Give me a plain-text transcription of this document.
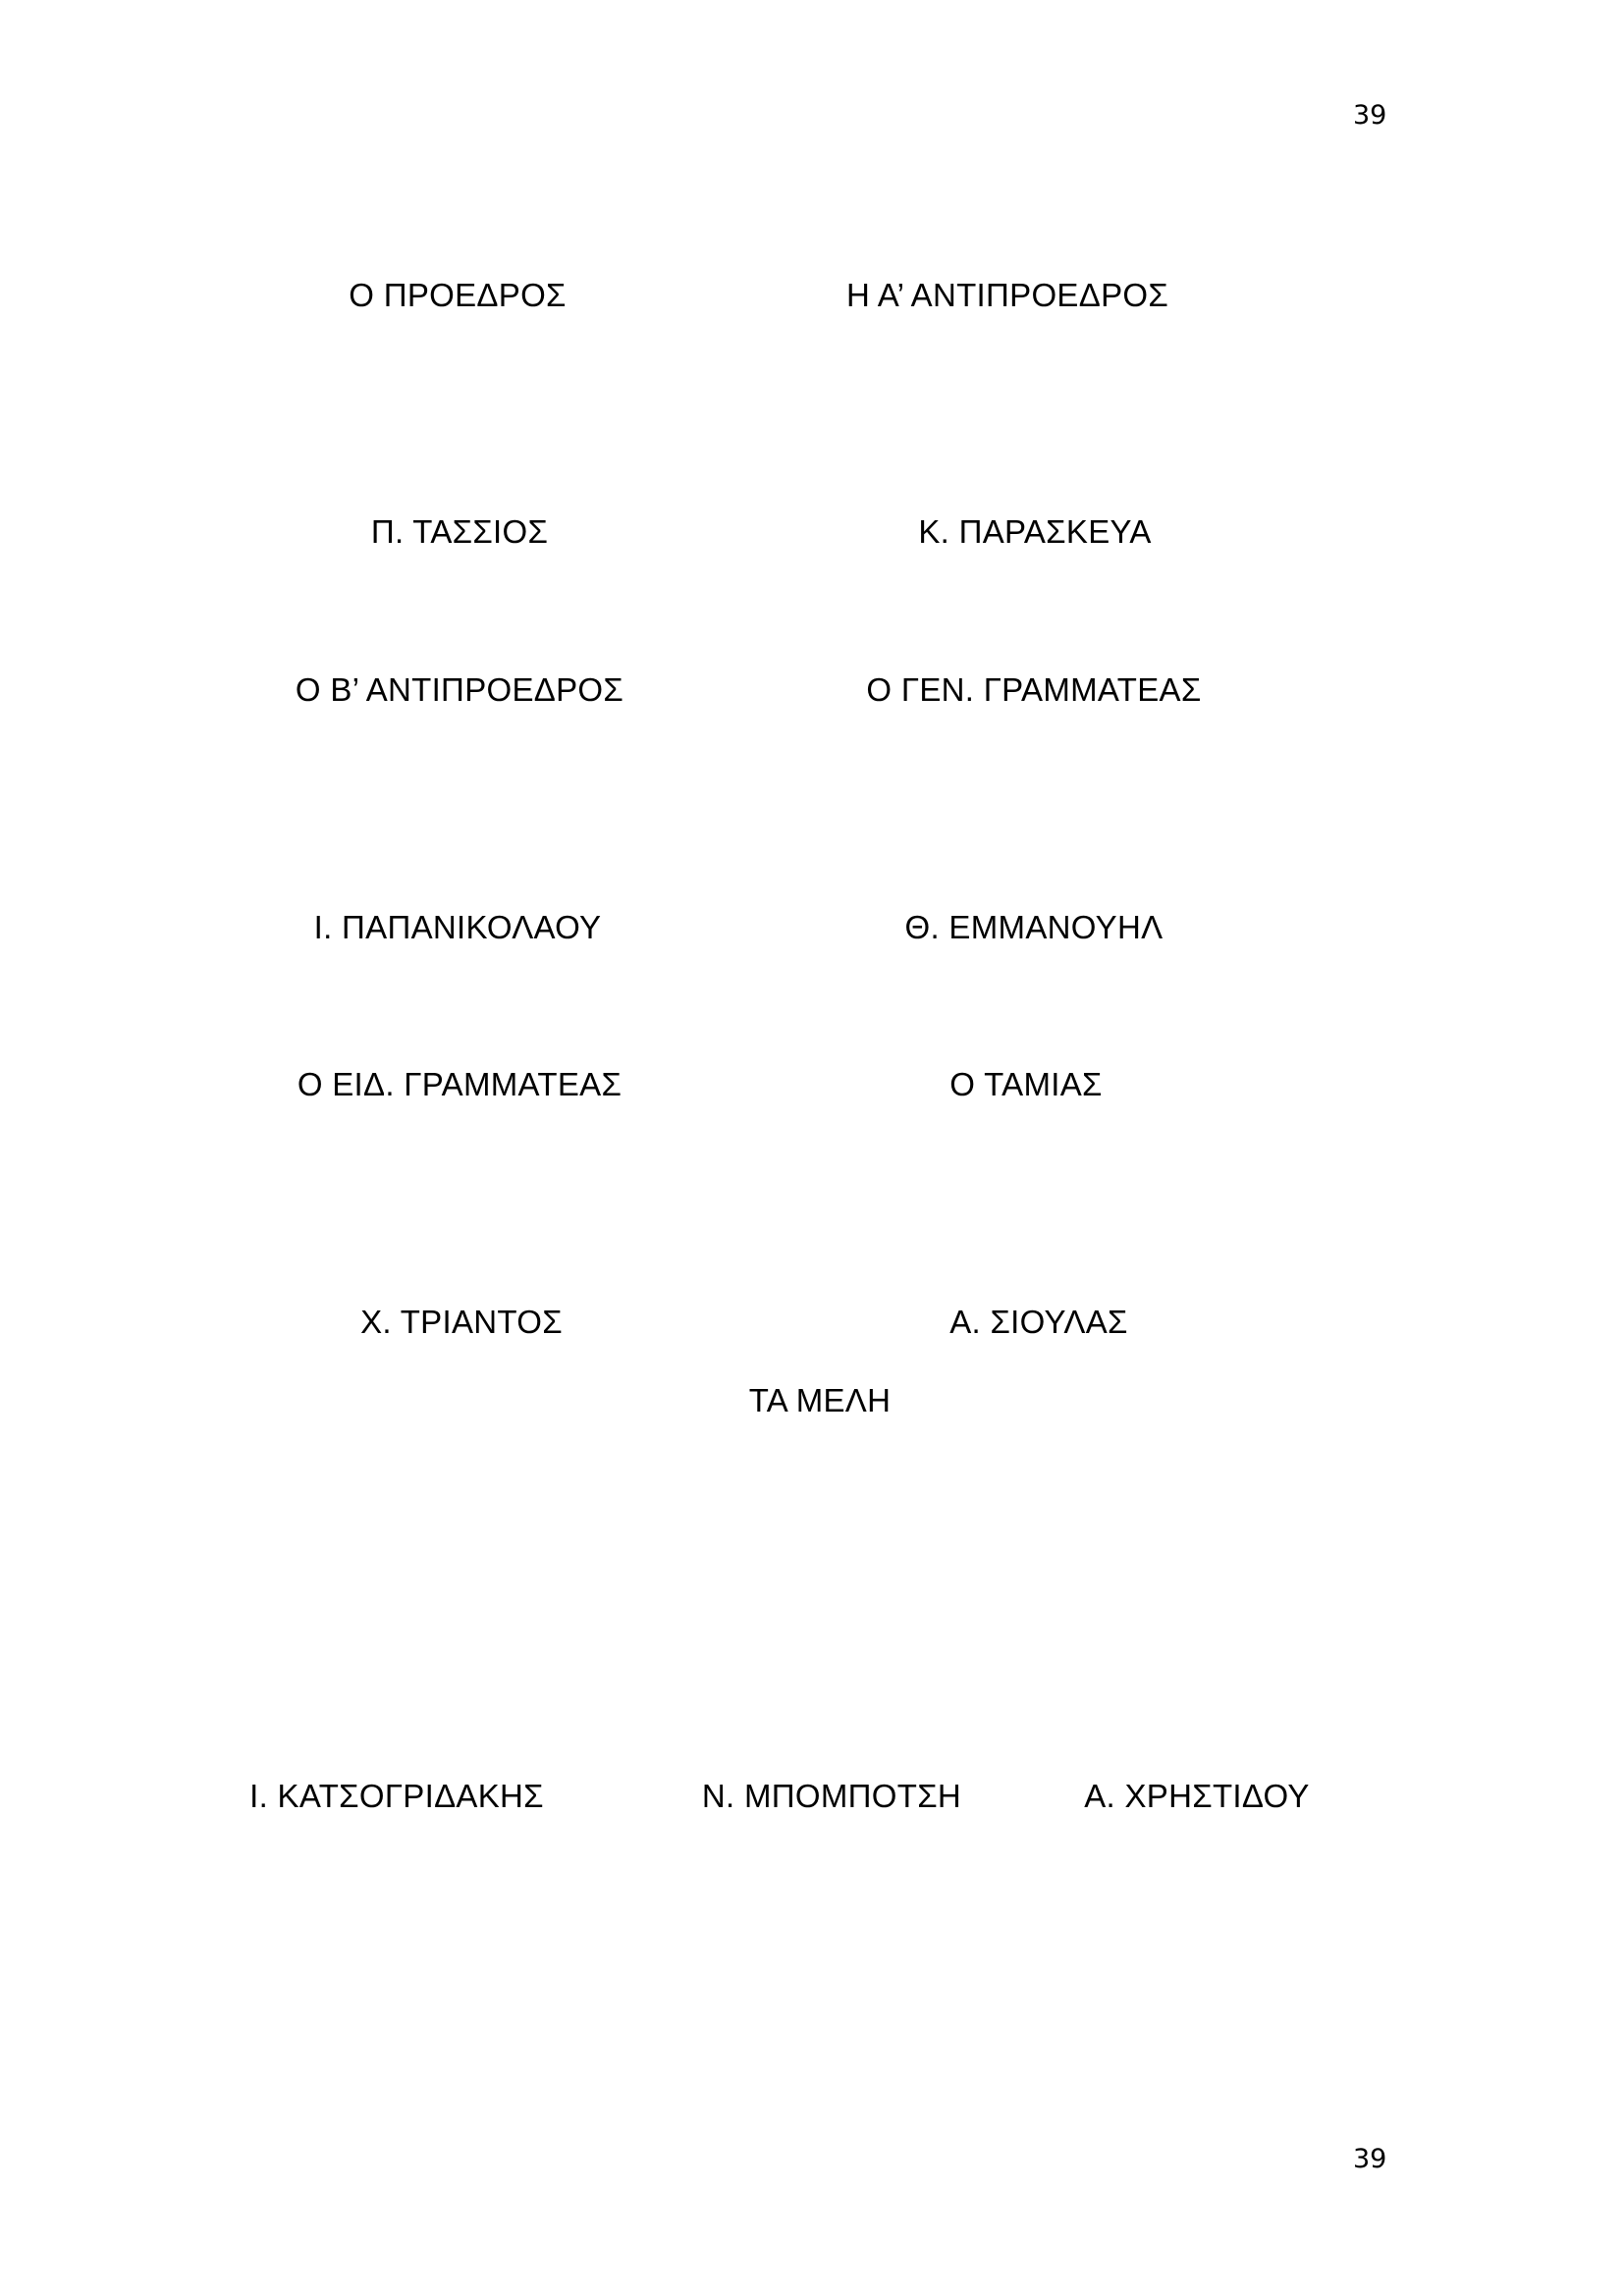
39
Ο ΠΡΟΕΔΡΟΣ	Η Α’ ΑΝΤΙΠΡΟΕΔΡΟΣ
Π. ΤΑΣΣΙΟΣ	Κ. ΠΑΡΑΣΚΕΥΑ
Ο Β’ ΑΝΤΙΠΡΟΕΔΡΟΣ	Ο ΓΕΝ. ΓΡΑΜΜΑΤΕΑΣ
Ι. ΠΑΠΑΝΙΚΟΛΑΟΥ	Θ. ΕΜΜΑΝΟΥΗΛ
Ο ΕΙΔ. ΓΡΑΜΜΑΤΕΑΣ	Ο ΤΑΜΙΑΣ
Χ. ΤΡΙΑΝΤΟΣ	Α. ΣΙΟΥΛΑΣ
ΤΑ ΜΕΛΗ
Ι. ΚΑΤΣΟΓΡΙΔΑΚΗΣ	Ν. ΜΠΟΜΠΟΤΣΗ	Α. ΧΡΗΣΤΙΔΟΥ
39
